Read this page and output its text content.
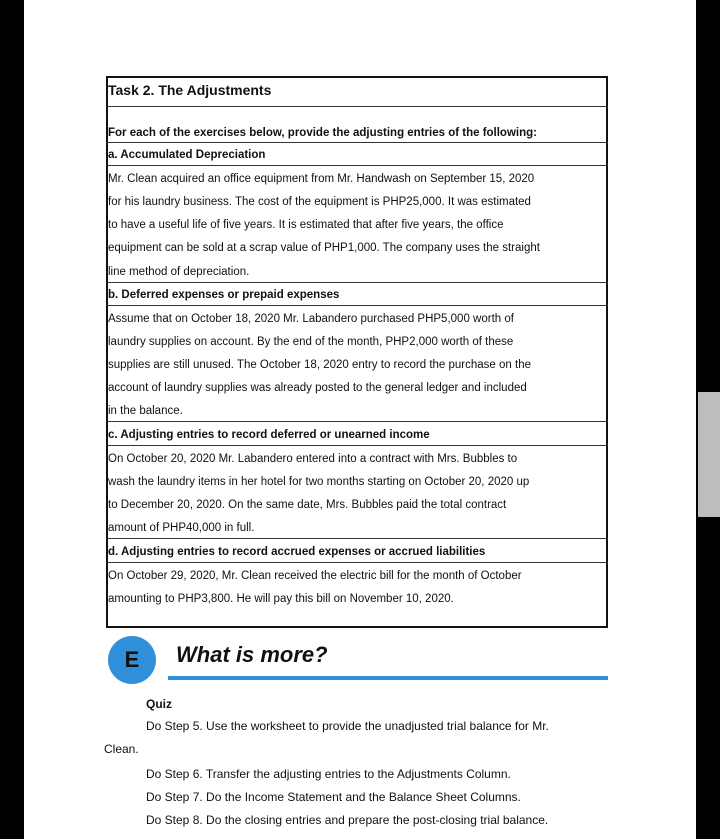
Task 2. The Adjustments
For each of the exercises below, provide the adjusting entries of the following:
a. Accumulated Depreciation
Mr. Clean acquired an office equipment from Mr. Handwash on September 15, 2020
for his laundry business. The cost of the equipment is PHP25,000. It was estimated
to have a useful life of five years. It is estimated that after five years, the office
equipment can be sold at a scrap value of PHP1,000. The company uses the straight
line method of depreciation.
b. Deferred expenses or prepaid expenses
Assume that on October 18, 2020 Mr. Labandero purchased PHP5,000 worth of
laundry supplies on account. By the end of the month, PHP2,000 worth of these
supplies are still unused. The October 18, 2020 entry to record the purchase on the
account of laundry supplies was already posted to the general ledger and included
in the balance.
c. Adjusting entries to record deferred or unearned income
On October 20, 2020 Mr. Labandero entered into a contract with Mrs. Bubbles to
wash the laundry items in her hotel for two months starting on October 20, 2020 up
to December 20, 2020. On the same date, Mrs. Bubbles paid the total contract
amount of PHP40,000 in full.
d. Adjusting entries to record accrued expenses or accrued liabilities
On October 29, 2020, Mr. Clean received the electric bill for the month of October
amounting to PHP3,800. He will pay this bill on November 10, 2020.
E	What is more?
Quiz
Do Step 5. Use the worksheet to provide the unadjusted trial balance for Mr.
Clean.
Do Step 6. Transfer the adjusting entries to the Adjustments Column.
Do Step 7. Do the Income Statement and the Balance Sheet Columns.
Do Step 8. Do the closing entries and prepare the post-closing trial balance.
